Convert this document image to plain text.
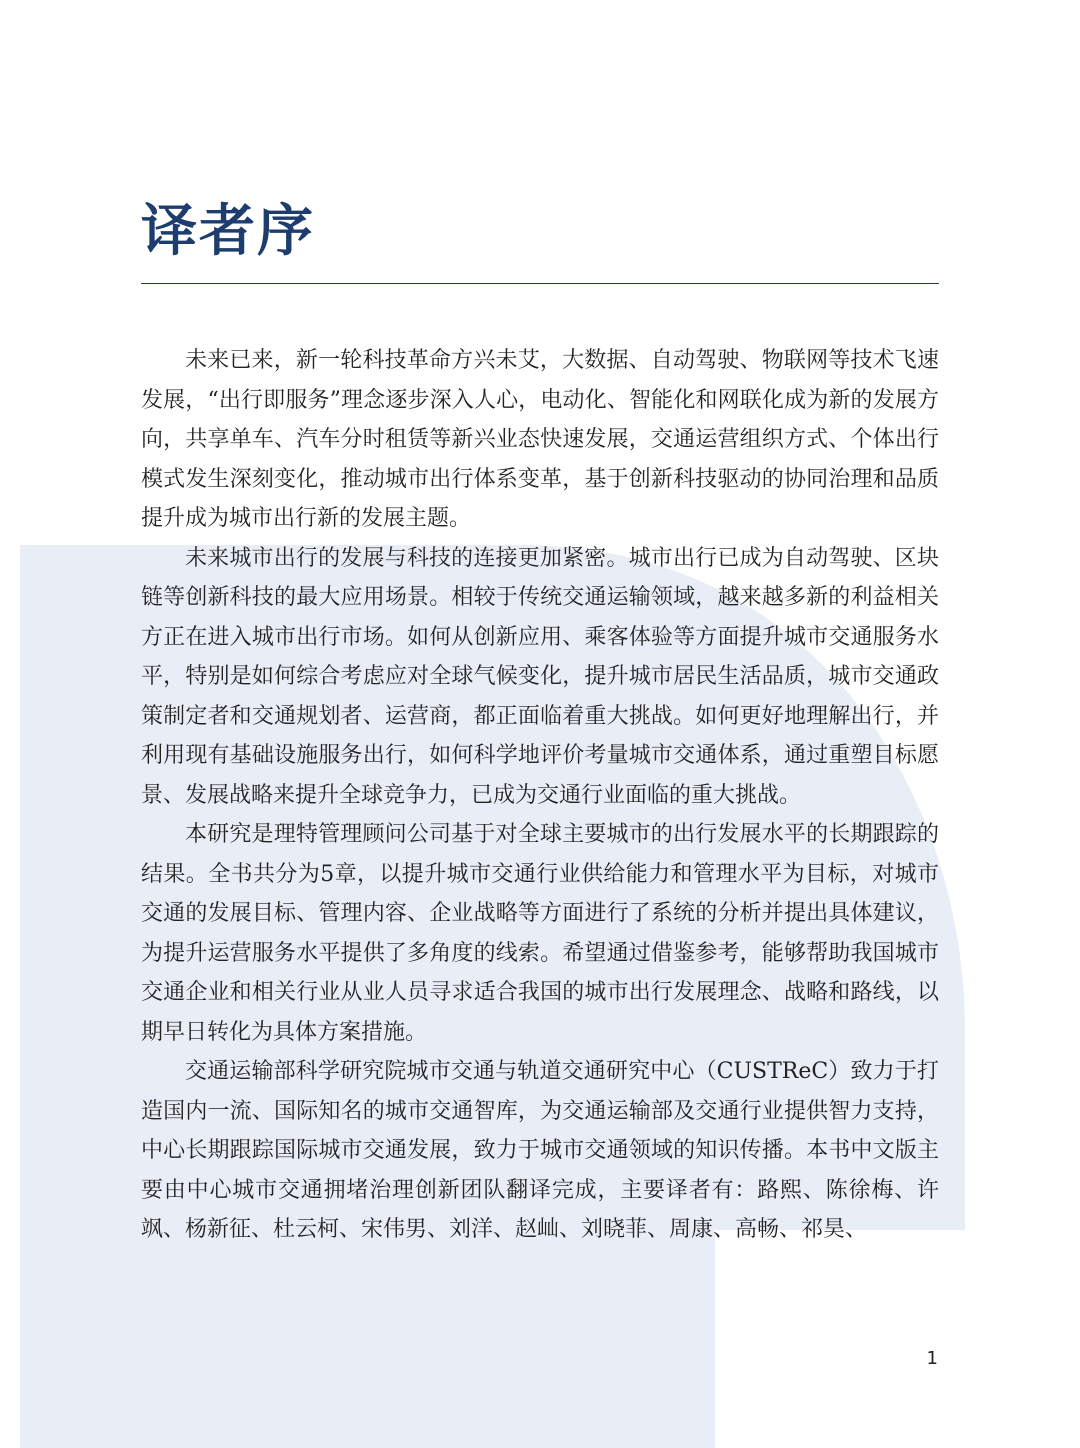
译者序

未来已来，新一轮科技革命方兴未艾，大数据、自动驾驶、物联网等技术飞速发展，“出行即服务”理念逐步深入人心，电动化、智能化和网联化成为新的发展方向，共享单车、汽车分时租赁等新兴业态快速发展，交通运营组织方式、个体出行模式发生深刻变化，推动城市出行体系变革，基于创新科技驱动的协同治理和品质提升成为城市出行新的发展主题。

未来城市出行的发展与科技的连接更加紧密。城市出行已成为自动驾驶、区块链等创新科技的最大应用场景。相较于传统交通运输领域，越来越多新的利益相关方正在进入城市出行市场。如何从创新应用、乘客体验等方面提升城市交通服务水平，特别是如何综合考虑应对全球气候变化，提升城市居民生活品质，城市交通政策制定者和交通规划者、运营商，都正面临着重大挑战。如何更好地理解出行，并利用现有基础设施服务出行，如何科学地评价考量城市交通体系，通过重塑目标愿景、发展战略来提升全球竞争力，已成为交通行业面临的重大挑战。

本研究是理特管理顾问公司基于对全球主要城市的出行发展水平的长期跟踪的结果。全书共分为5章，以提升城市交通行业供给能力和管理水平为目标，对城市交通的发展目标、管理内容、企业战略等方面进行了系统的分析并提出具体建议，为提升运营服务水平提供了多角度的线索。希望通过借鉴参考，能够帮助我国城市交通企业和相关行业从业人员寻求适合我国的城市出行发展理念、战略和路线，以期早日转化为具体方案措施。

交通运输部科学研究院城市交通与轨道交通研究中心（CUSTReC）致力于打造国内一流、国际知名的城市交通智库，为交通运输部及交通行业提供智力支持，中心长期跟踪国际城市交通发展，致力于城市交通领域的知识传播。本书中文版主要由中心城市交通拥堵治理创新团队翻译完成，主要译者有：路熙、陈徐梅、许飒、杨新征、杜云柯、宋伟男、刘洋、赵屾、刘晓菲、周康、高畅、祁昊、

1
